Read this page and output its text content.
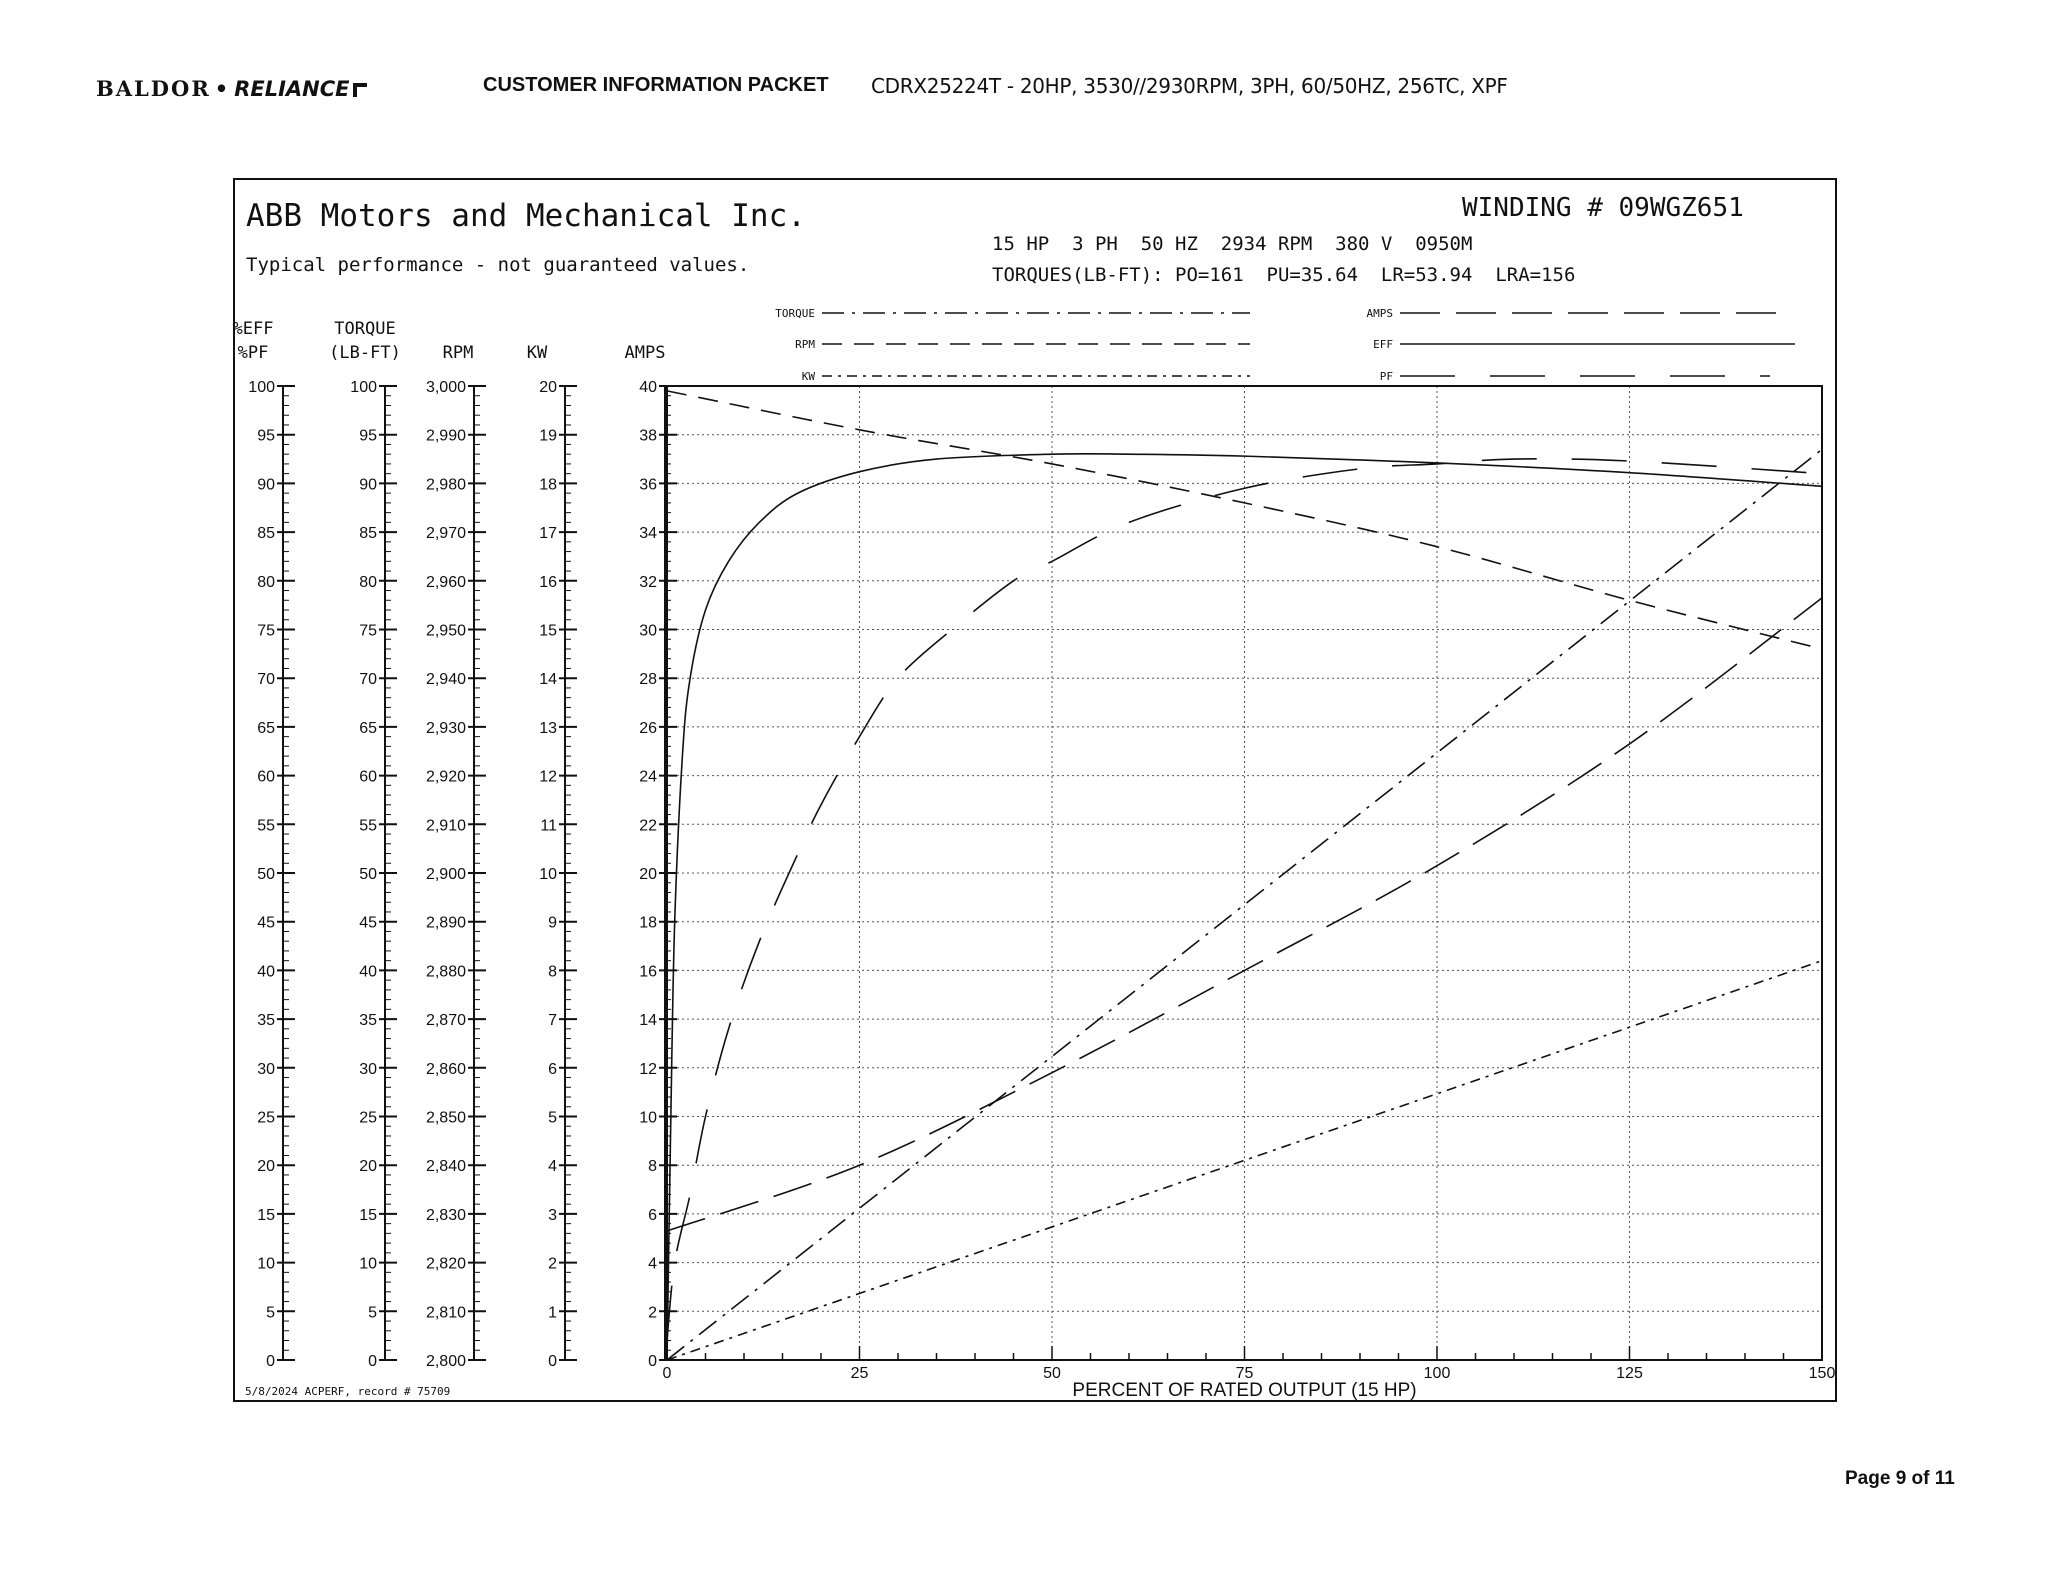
BALDOR • RELIANCE	CUSTOMER INFORMATION PACKET CDRX25224T - 20HP, 3530//2930RPM, 3PH, 60/50HZ, 256TC, XPF
ABB Motors and Mechanical Inc.
Typical performance - not guaranteed values.
WINDING # 09WGZ651
15 HP  3 PH  50 HZ  2934 RPM  380 V  0950M
TORQUES(LB-FT): PO=161  PU=35.64  LR=53.94  LRA=156
5/8/2024 ACPERF, record # 75709
0	25	50	75	100	125	150
PERCENT OF RATED OUTPUT (15 HP)
0
5
10
15
20
25
30
35
40
45
50
55
60
65
70
75
80
85
90
95
100
%EFF
%PF
0
5
10
15
20
25
30
35
40
45
50
55
60
65
70
75
80
85
90
95
100
TORQUE
(LB-FT)
2,800
2,810
2,820
2,830
2,840
2,850
2,860
2,870
2,880
2,890
2,900
2,910
2,920
2,930
2,940
2,950
2,960
2,970
2,980
2,990
3,000
RPM
0
1
2
3
4
5
6
7
8
9
10
11
12
13
14
15
16
17
18
19
20
KW
0
2
4
6
8
10
12
14
16
18
20
22
24
26
28
30
32
34
36
38
40
AMPS
TORQUE
RPM
KW
AMPS
EFF
PF
Page 9 of 11
